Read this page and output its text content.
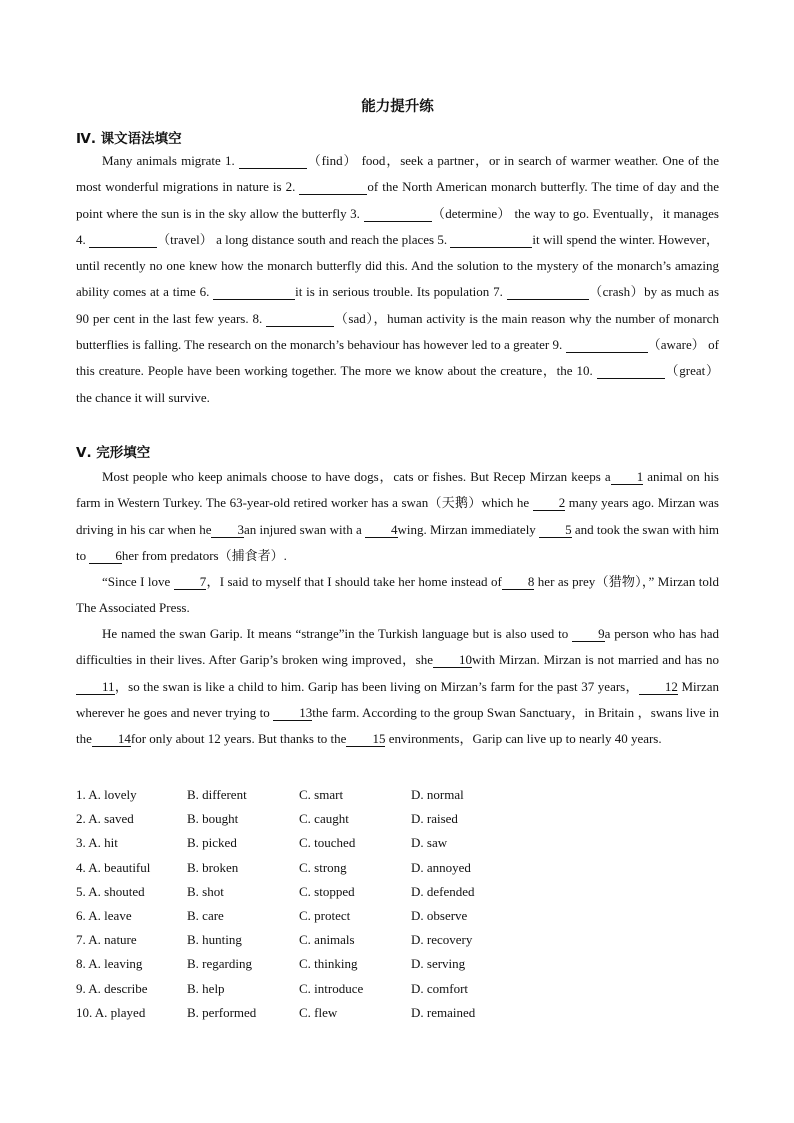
能力提升练
Ⅳ. 课文语法填空

Many animals migrate 1.	（find） food，seek a partner，or in search of warmer weather. One of the most wonderful migrations in nature is 2.	of the North American monarch butterfly. The time of day and the point where the sun is in the sky allow the butterfly 3.	（determine） the way to go. Eventually，it manages 4.	（travel） a long distance south and reach the places 5.	it will spend the winter. However，until recently no one knew how the monarch butterfly did this. And the solution to the mystery of the monarch’s amazing ability comes at a time 6.	it is in serious trouble. Its population 7.	（crash）by as much as 90 per cent in the last few years. 8.	（sad），human activity is the main reason why the number of monarch butterflies is falling. The research on the monarch’s behaviour has however led to a greater 9.	（aware） of this creature. People have been working together. The more we know about the creature，the 10.	（great） the chance it will survive.

Ⅴ. 完形填空

Most people who keep animals choose to have dogs，cats or fishes. But Recep Mirzan keeps a 1 animal on his farm in Western Turkey. The 63-year-old retired worker has a swan（天鹅）which he 2 many years ago. Mirzan was driving in his car when he 3an injured swan with a 4wing. Mirzan immediately 5 and took the swan with him to 6her from predators（捕食者）.

“Since I love 7，I said to myself that I should take her home instead of 8 her as prey（猎物），” Mirzan told The Associated Press.

He named the swan Garip. It means “strange”in the Turkish language but is also used to 9a person who has had difficulties in their lives. After Garip’s broken wing improved，she 10with Mirzan. Mirzan is not married and has no 11，so the swan is like a child to him. Garip has been living on Mirzan’s farm for the past 37 years， 12 Mirzan wherever he goes and never trying to 13the farm. According to the group Swan Sanctuary，in Britain ，swans live in the 14for only about 12 years. But thanks to the 15 environments，Garip can live up to nearly 40 years.

1. A. lovely	B. different	C. smart	D. normal
2. A. saved	B. bought	C. caught	D. raised
3. A. hit	B. picked	C. touched	D. saw
4. A. beautiful	B. broken	C. strong	D. annoyed
5. A. shouted	B. shot	C. stopped	D. defended
6. A. leave	B. care	C. protect	D. observe
7. A. nature	B. hunting	C. animals	D. recovery
8. A. leaving	B. regarding	C. thinking	D. serving
9. A. describe	B. help	C. introduce	D. comfort
10. A. played	B. performed	C. flew	D. remained
